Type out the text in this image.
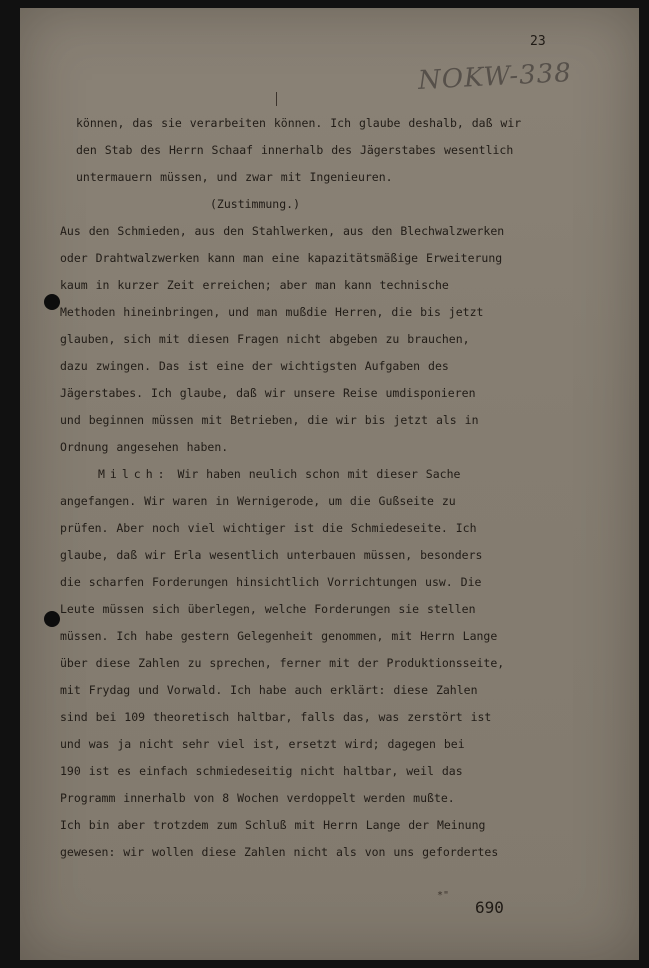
23
NOKW-338
können, das sie verarbeiten können. Ich glaube deshalb, daß wir
den Stab des Herrn Schaaf innerhalb des Jägerstabes wesentlich
untermauern müssen, und zwar mit Ingenieuren.
(Zustimmung.)
Aus den Schmieden, aus den Stahlwerken, aus den Blechwalzwerken
oder Drahtwalzwerken kann man eine kapazitätsmäßige Erweiterung
kaum in kurzer Zeit erreichen; aber man kann technische
Methoden hineinbringen, und man mußdie Herren, die bis jetzt
glauben, sich mit diesen Fragen nicht abgeben zu brauchen,
dazu zwingen. Das ist eine der wichtigsten Aufgaben des
Jägerstabes. Ich glaube, daß wir unsere Reise umdisponieren
und beginnen müssen mit Betrieben, die wir bis jetzt als in
Ordnung angesehen haben.
Milch: Wir haben neulich schon mit dieser Sache
angefangen. Wir waren in Wernigerode, um die Gußseite zu
prüfen. Aber noch viel wichtiger ist die Schmiedeseite. Ich
glaube, daß wir Erla wesentlich unterbauen müssen, besonders
die scharfen Forderungen hinsichtlich Vorrichtungen usw. Die
Leute müssen sich überlegen, welche Forderungen sie stellen
müssen. Ich habe gestern Gelegenheit genommen, mit Herrn Lange
über diese Zahlen zu sprechen, ferner mit der Produktionsseite,
mit Frydag und Vorwald. Ich habe auch erklärt: diese Zahlen
sind bei 109 theoretisch haltbar, falls das, was zerstört ist
und was ja nicht sehr viel ist, ersetzt wird; dagegen bei
190 ist es einfach schmiedeseitig nicht haltbar, weil das
Programm innerhalb von 8 Wochen verdoppelt werden mußte.
Ich bin aber trotzdem zum Schluß mit Herrn Lange der Meinung
gewesen: wir wollen diese Zahlen nicht als von uns gefordertes
*"
690
